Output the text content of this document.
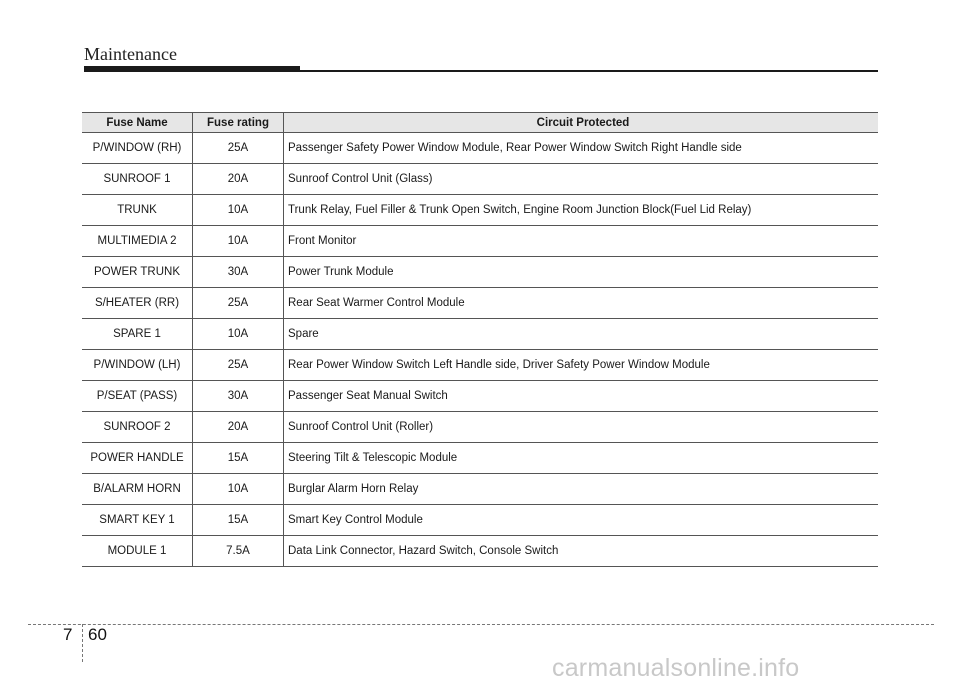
Maintenance
Fuse Name	Fuse rating	Circuit Protected
P/WINDOW (RH)	25A	Passenger Safety Power Window Module, Rear Power Window Switch Right Handle side
SUNROOF 1	20A	Sunroof Control Unit (Glass)
TRUNK	10A	Trunk Relay, Fuel Filler & Trunk Open Switch, Engine Room Junction Block(Fuel Lid Relay)
MULTIMEDIA 2	10A	Front Monitor
POWER TRUNK	30A	Power Trunk Module
S/HEATER (RR)	25A	Rear Seat Warmer Control Module
SPARE 1	10A	Spare
P/WINDOW (LH)	25A	Rear Power Window Switch Left Handle side, Driver Safety Power Window Module
P/SEAT (PASS)	30A	Passenger Seat Manual Switch
SUNROOF 2	20A	Sunroof Control Unit (Roller)
POWER HANDLE	15A	Steering Tilt & Telescopic Module
B/ALARM HORN	10A	Burglar Alarm Horn Relay
SMART KEY 1	15A	Smart Key Control Module
MODULE 1	7.5A	Data Link Connector, Hazard Switch, Console Switch
7 60
carmanualsonline.info
